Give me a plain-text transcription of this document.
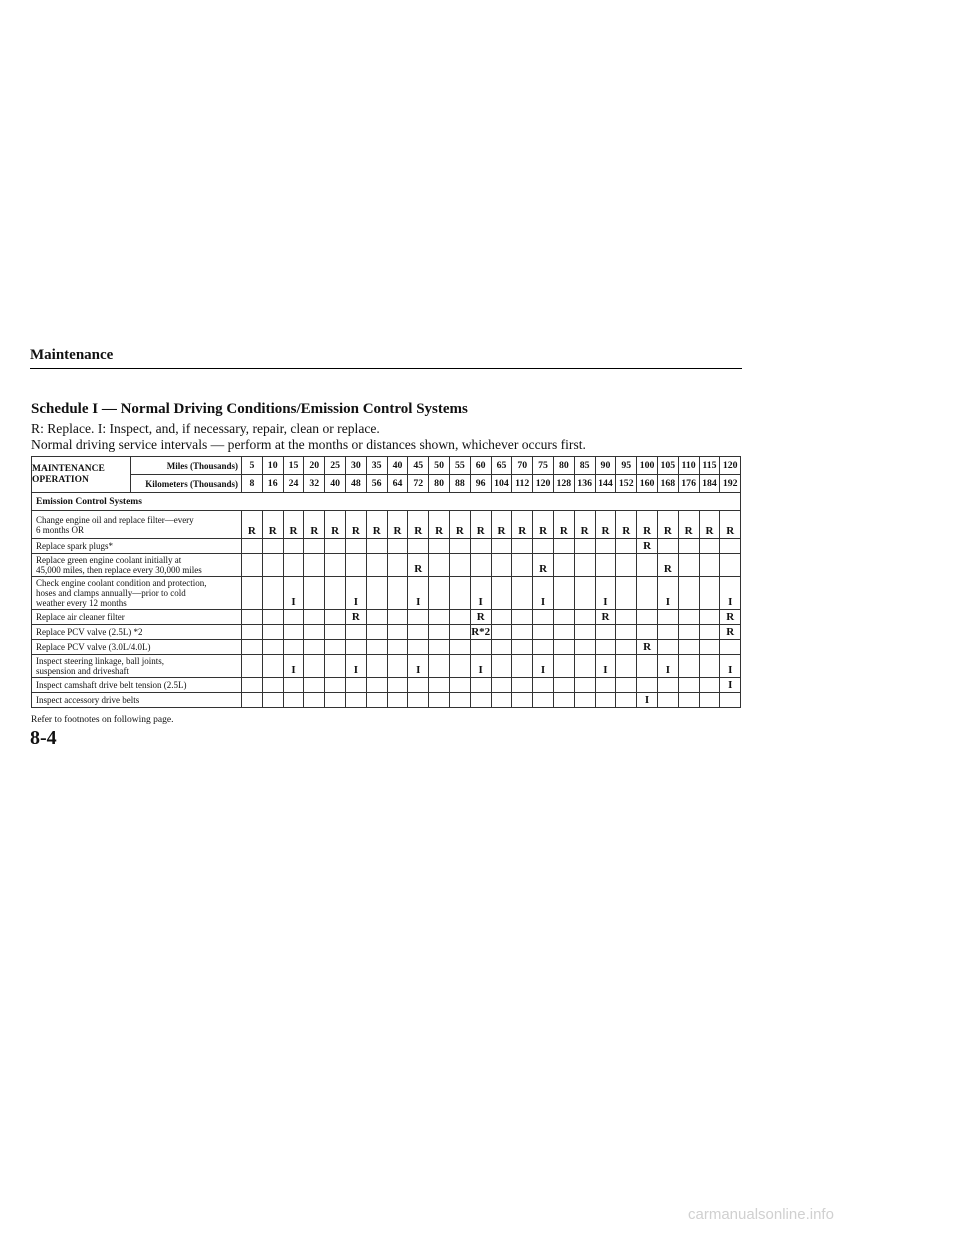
Maintenance
Schedule I — Normal Driving Conditions/Emission Control Systems
R: Replace. I: Inspect, and, if necessary, repair, clean or replace.
Normal driving service intervals — perform at the months or distances shown, whichever occurs first.
MAINTENANCE OPERATION	Miles (Thousands)	5	10	15	20	25	30	35	40	45	50	55	60	65	70	75	80	85	90	95	100	105	110	115	120
	Kilometers (Thousands)	8	16	24	32	40	48	56	64	72	80	88	96	104	112	120	128	136	144	152	160	168	176	184	192
Emission Control Systems																									
Change engine oil and replace filter—every
6 months OR		R	R	R	R	R	R	R	R	R	R	R	R	R	R	R	R	R	R	R	R	R	R	R	R
Replace spark plugs*																					R				
Replace green engine coolant initially at
45,000 miles, then replace every 30,000 miles										R						R						R			
Check engine coolant condition and protection,
hoses and clamps annually—prior to cold
weather every 12 months				I			I			I			I			I			I			I			I
Replace air cleaner filter							R						R						R						R
Replace PCV valve (2.5L) *2													R*2												R
Replace PCV valve (3.0L/4.0L)																					R				
Inspect steering linkage, ball joints,
suspension and driveshaft				I			I			I			I			I			I			I			I
Inspect camshaft drive belt tension (2.5L)																									I
Inspect accessory drive belts																					I				
Refer to footnotes on following page.
8-4
carmanualsonline.info
